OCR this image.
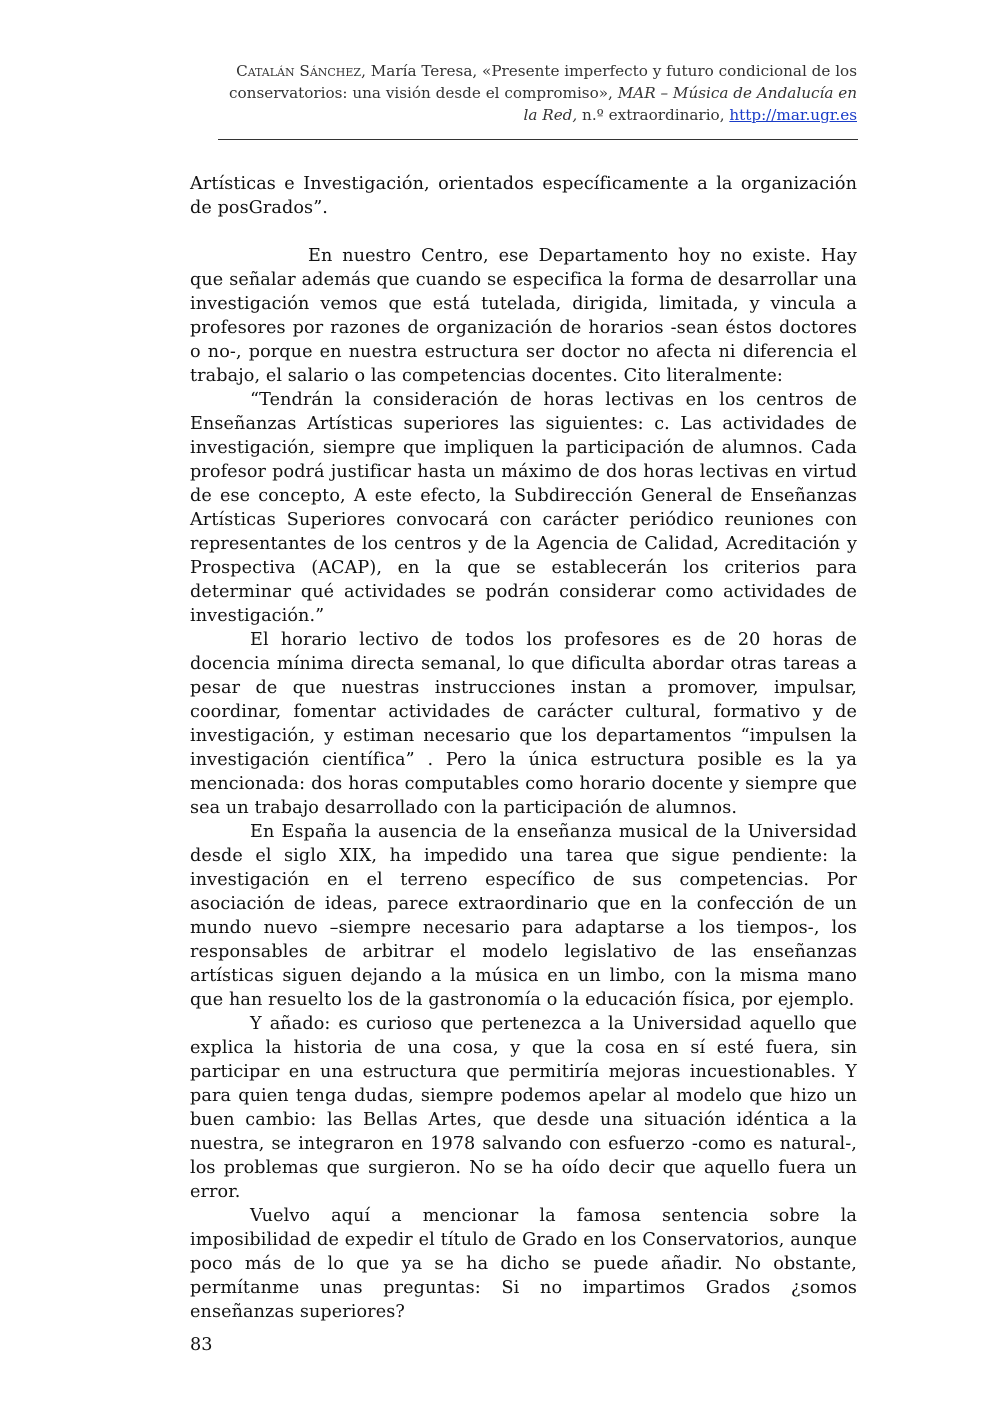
Catalán Sánchez, María Teresa, «Presente imperfecto y futuro condicional de los conservatorios: una visión desde el compromiso», MAR – Música de Andalucía en la Red, n.º extraordinario, http://mar.ugr.es

Artísticas e Investigación, orientados específicamente a la organización de posGrados”.

En nuestro Centro, ese Departamento hoy no existe. Hay que señalar además que cuando se especifica la forma de desarrollar una investigación vemos que está tutelada, dirigida, limitada, y vincula a profesores por razones de organización de horarios -sean éstos doctores o no-, porque en nuestra estructura ser doctor no afecta ni diferencia el trabajo, el salario o las competencias docentes. Cito literalmente:

“Tendrán la consideración de horas lectivas en los centros de Enseñanzas Artísticas superiores las siguientes: c. Las actividades de investigación, siempre que impliquen la participación de alumnos. Cada profesor podrá justificar hasta un máximo de dos horas lectivas en virtud de ese concepto, A este efecto, la Subdirección General de Enseñanzas Artísticas Superiores convocará con carácter periódico reuniones con representantes de los centros y de la Agencia de Calidad, Acreditación y Prospectiva (ACAP), en la que se establecerán los criterios para determinar qué actividades se podrán considerar como actividades de investigación.”

El horario lectivo de todos los profesores es de 20 horas de docencia mínima directa semanal, lo que dificulta abordar otras tareas a pesar de que nuestras instrucciones instan a promover, impulsar, coordinar, fomentar actividades de carácter cultural, formativo y de investigación, y estiman necesario que los departamentos “impulsen la investigación científica” . Pero la única estructura posible es la ya mencionada: dos horas computables como horario docente y siempre que sea un trabajo desarrollado con la participación de alumnos.

En España la ausencia de la enseñanza musical de la Universidad desde el siglo XIX, ha impedido una tarea que sigue pendiente: la investigación en el terreno específico de sus competencias. Por asociación de ideas, parece extraordinario que en la confección de un mundo nuevo –siempre necesario para adaptarse a los tiempos-, los responsables de arbitrar el modelo legislativo de las enseñanzas artísticas siguen dejando a la música en un limbo, con la misma mano que han resuelto los de la gastronomía o la educación física, por ejemplo.

Y añado: es curioso que pertenezca a la Universidad aquello que explica la historia de una cosa, y que la cosa en sí esté fuera, sin participar en una estructura que permitiría mejoras incuestionables. Y para quien tenga dudas, siempre podemos apelar al modelo que hizo un buen cambio: las Bellas Artes, que desde una situación idéntica a la nuestra, se integraron en 1978 salvando con esfuerzo -como es natural-, los problemas que surgieron. No se ha oído decir que aquello fuera un error.

Vuelvo aquí a mencionar la famosa sentencia sobre la imposibilidad de expedir el título de Grado en los Conservatorios, aunque poco más de lo que ya se ha dicho se puede añadir. No obstante, permítanme unas preguntas: Si no impartimos Grados ¿somos enseñanzas superiores?

83
